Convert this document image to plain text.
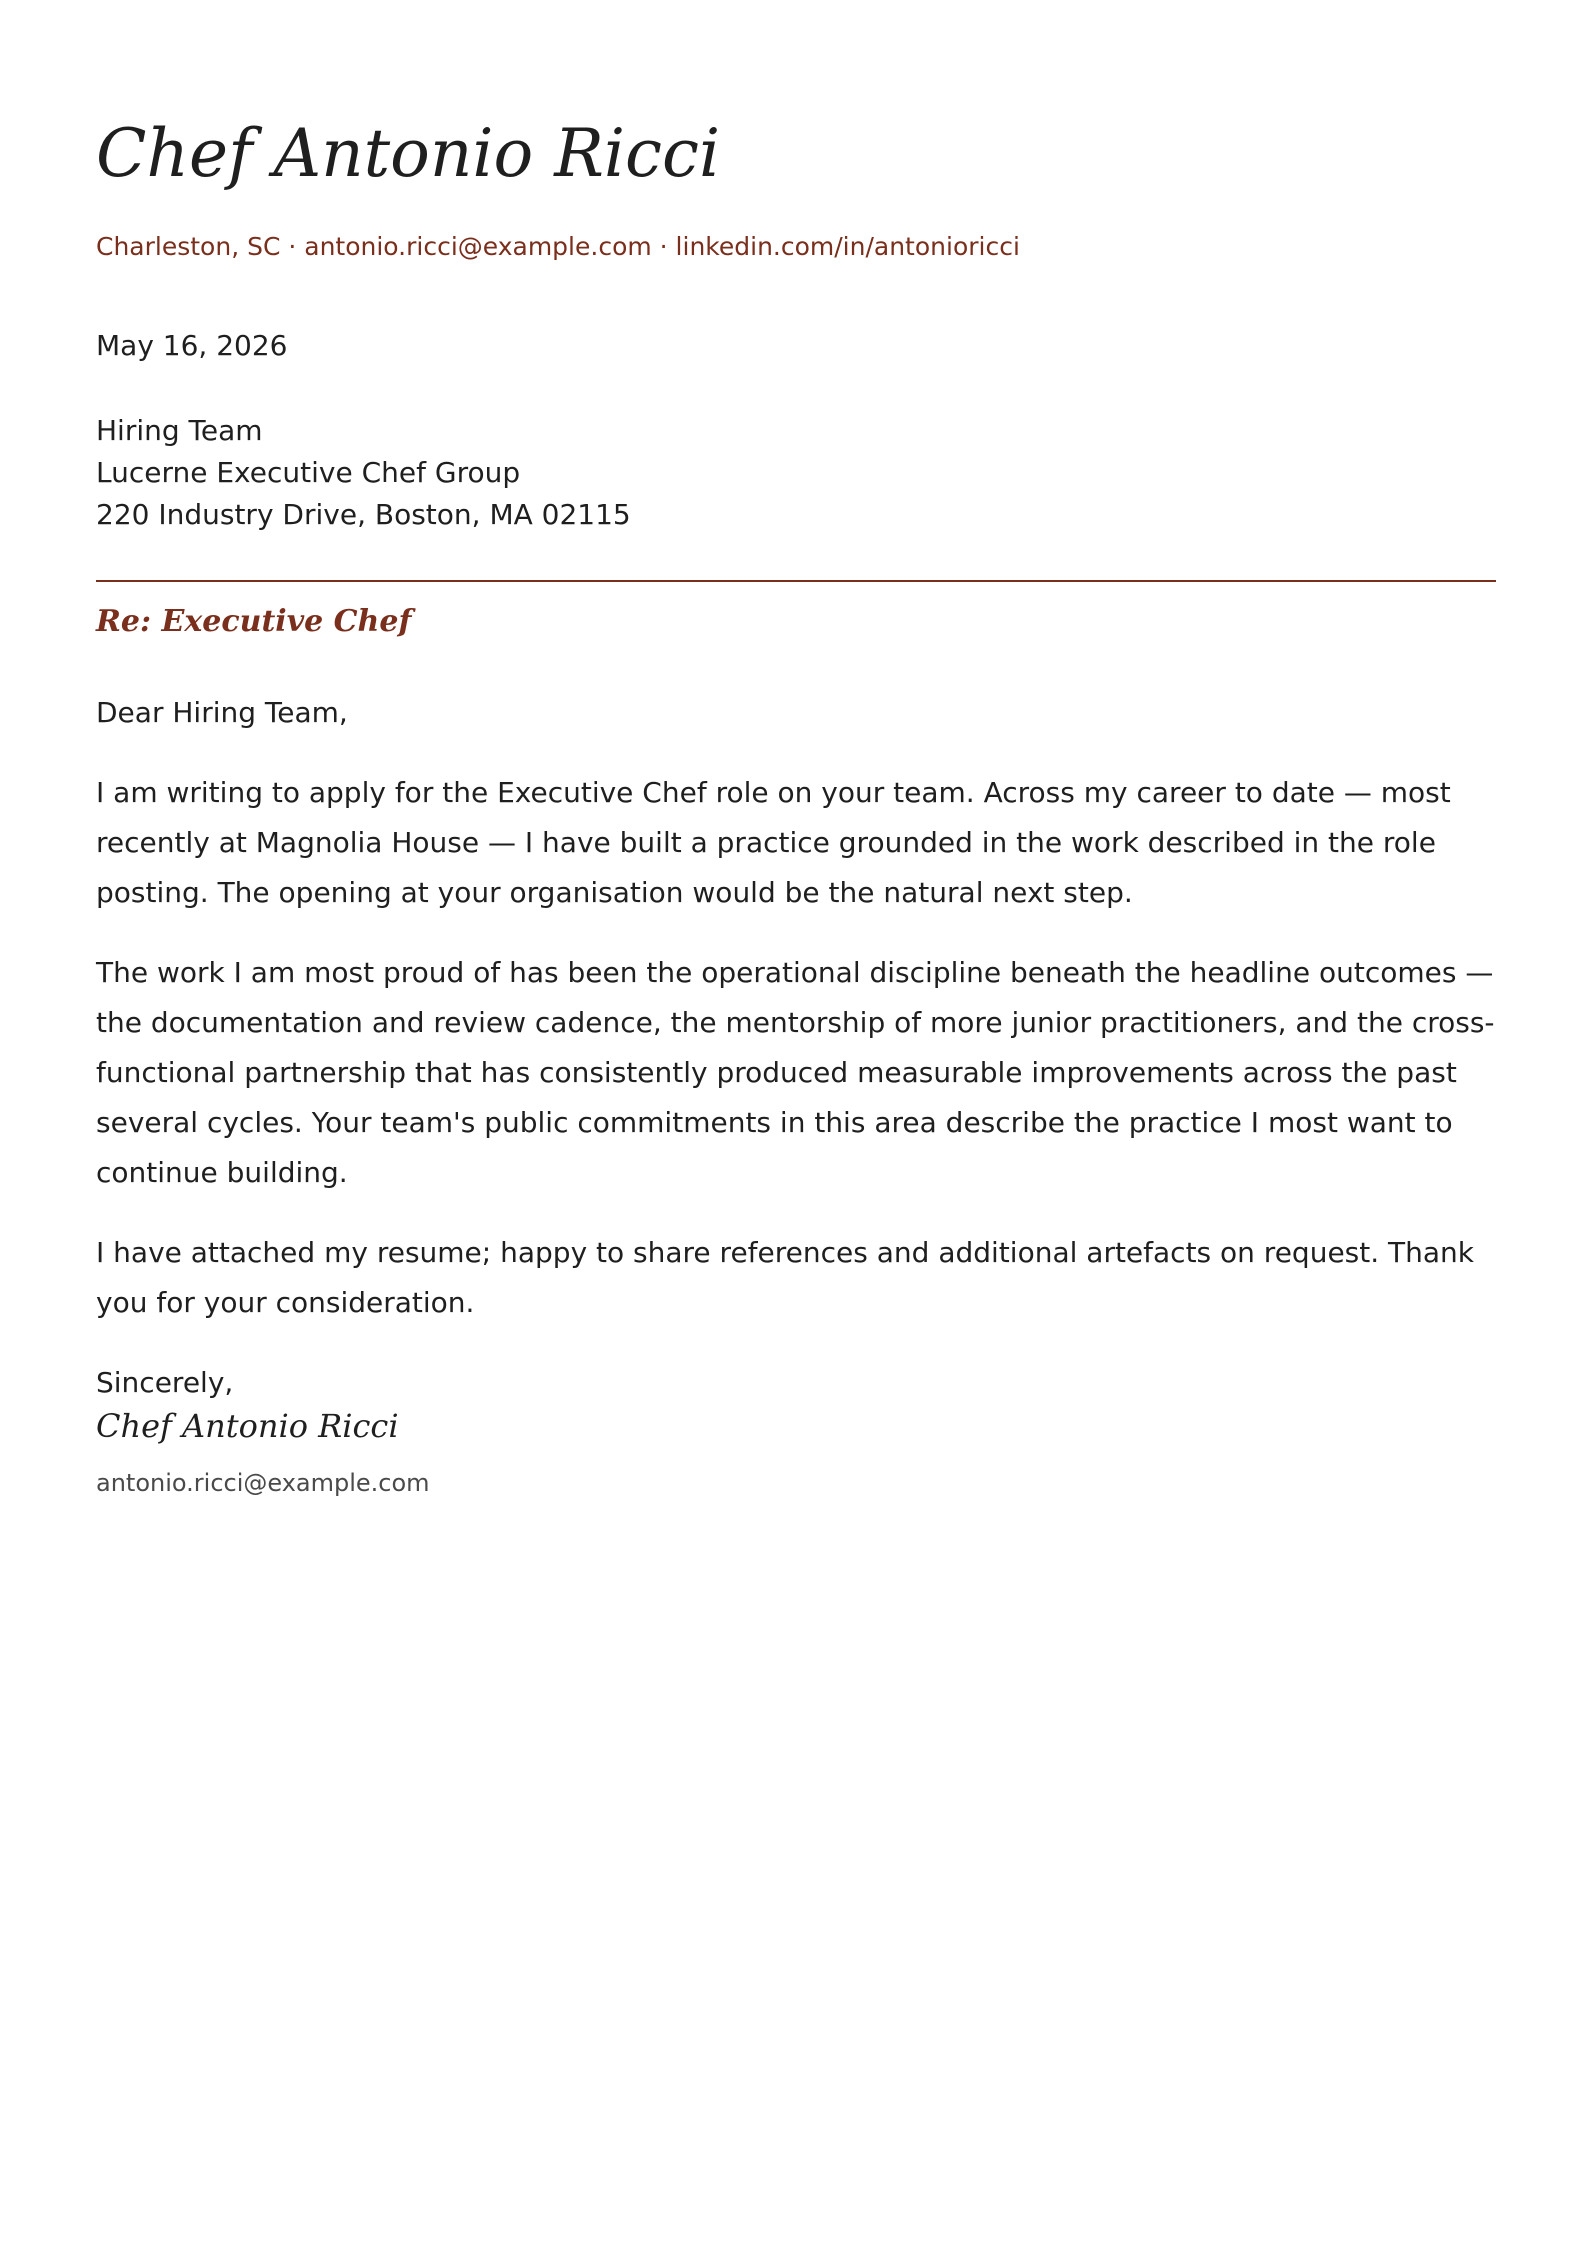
Chef Antonio Ricci
Charleston, SC · antonio.ricci@example.com · linkedin.com/in/antonioricci
May 16, 2026
Hiring Team
Lucerne Executive Chef Group
220 Industry Drive, Boston, MA 02115
Re: Executive Chef

Dear Hiring Team,

I am writing to apply for the Executive Chef role on your team. Across my career to date — most recently at Magnolia House — I have built a practice grounded in the work described in the role posting. The opening at your organisation would be the natural next step.

The work I am most proud of has been the operational discipline beneath the headline outcomes — the documentation and review cadence, the mentorship of more junior practitioners, and the cross-functional partnership that has consistently produced measurable improvements across the past several cycles. Your team's public commitments in this area describe the practice I most want to continue building.

I have attached my resume; happy to share references and additional artefacts on request. Thank you for your consideration.

Sincerely,

Chef Antonio Ricci
antonio.ricci@example.com
